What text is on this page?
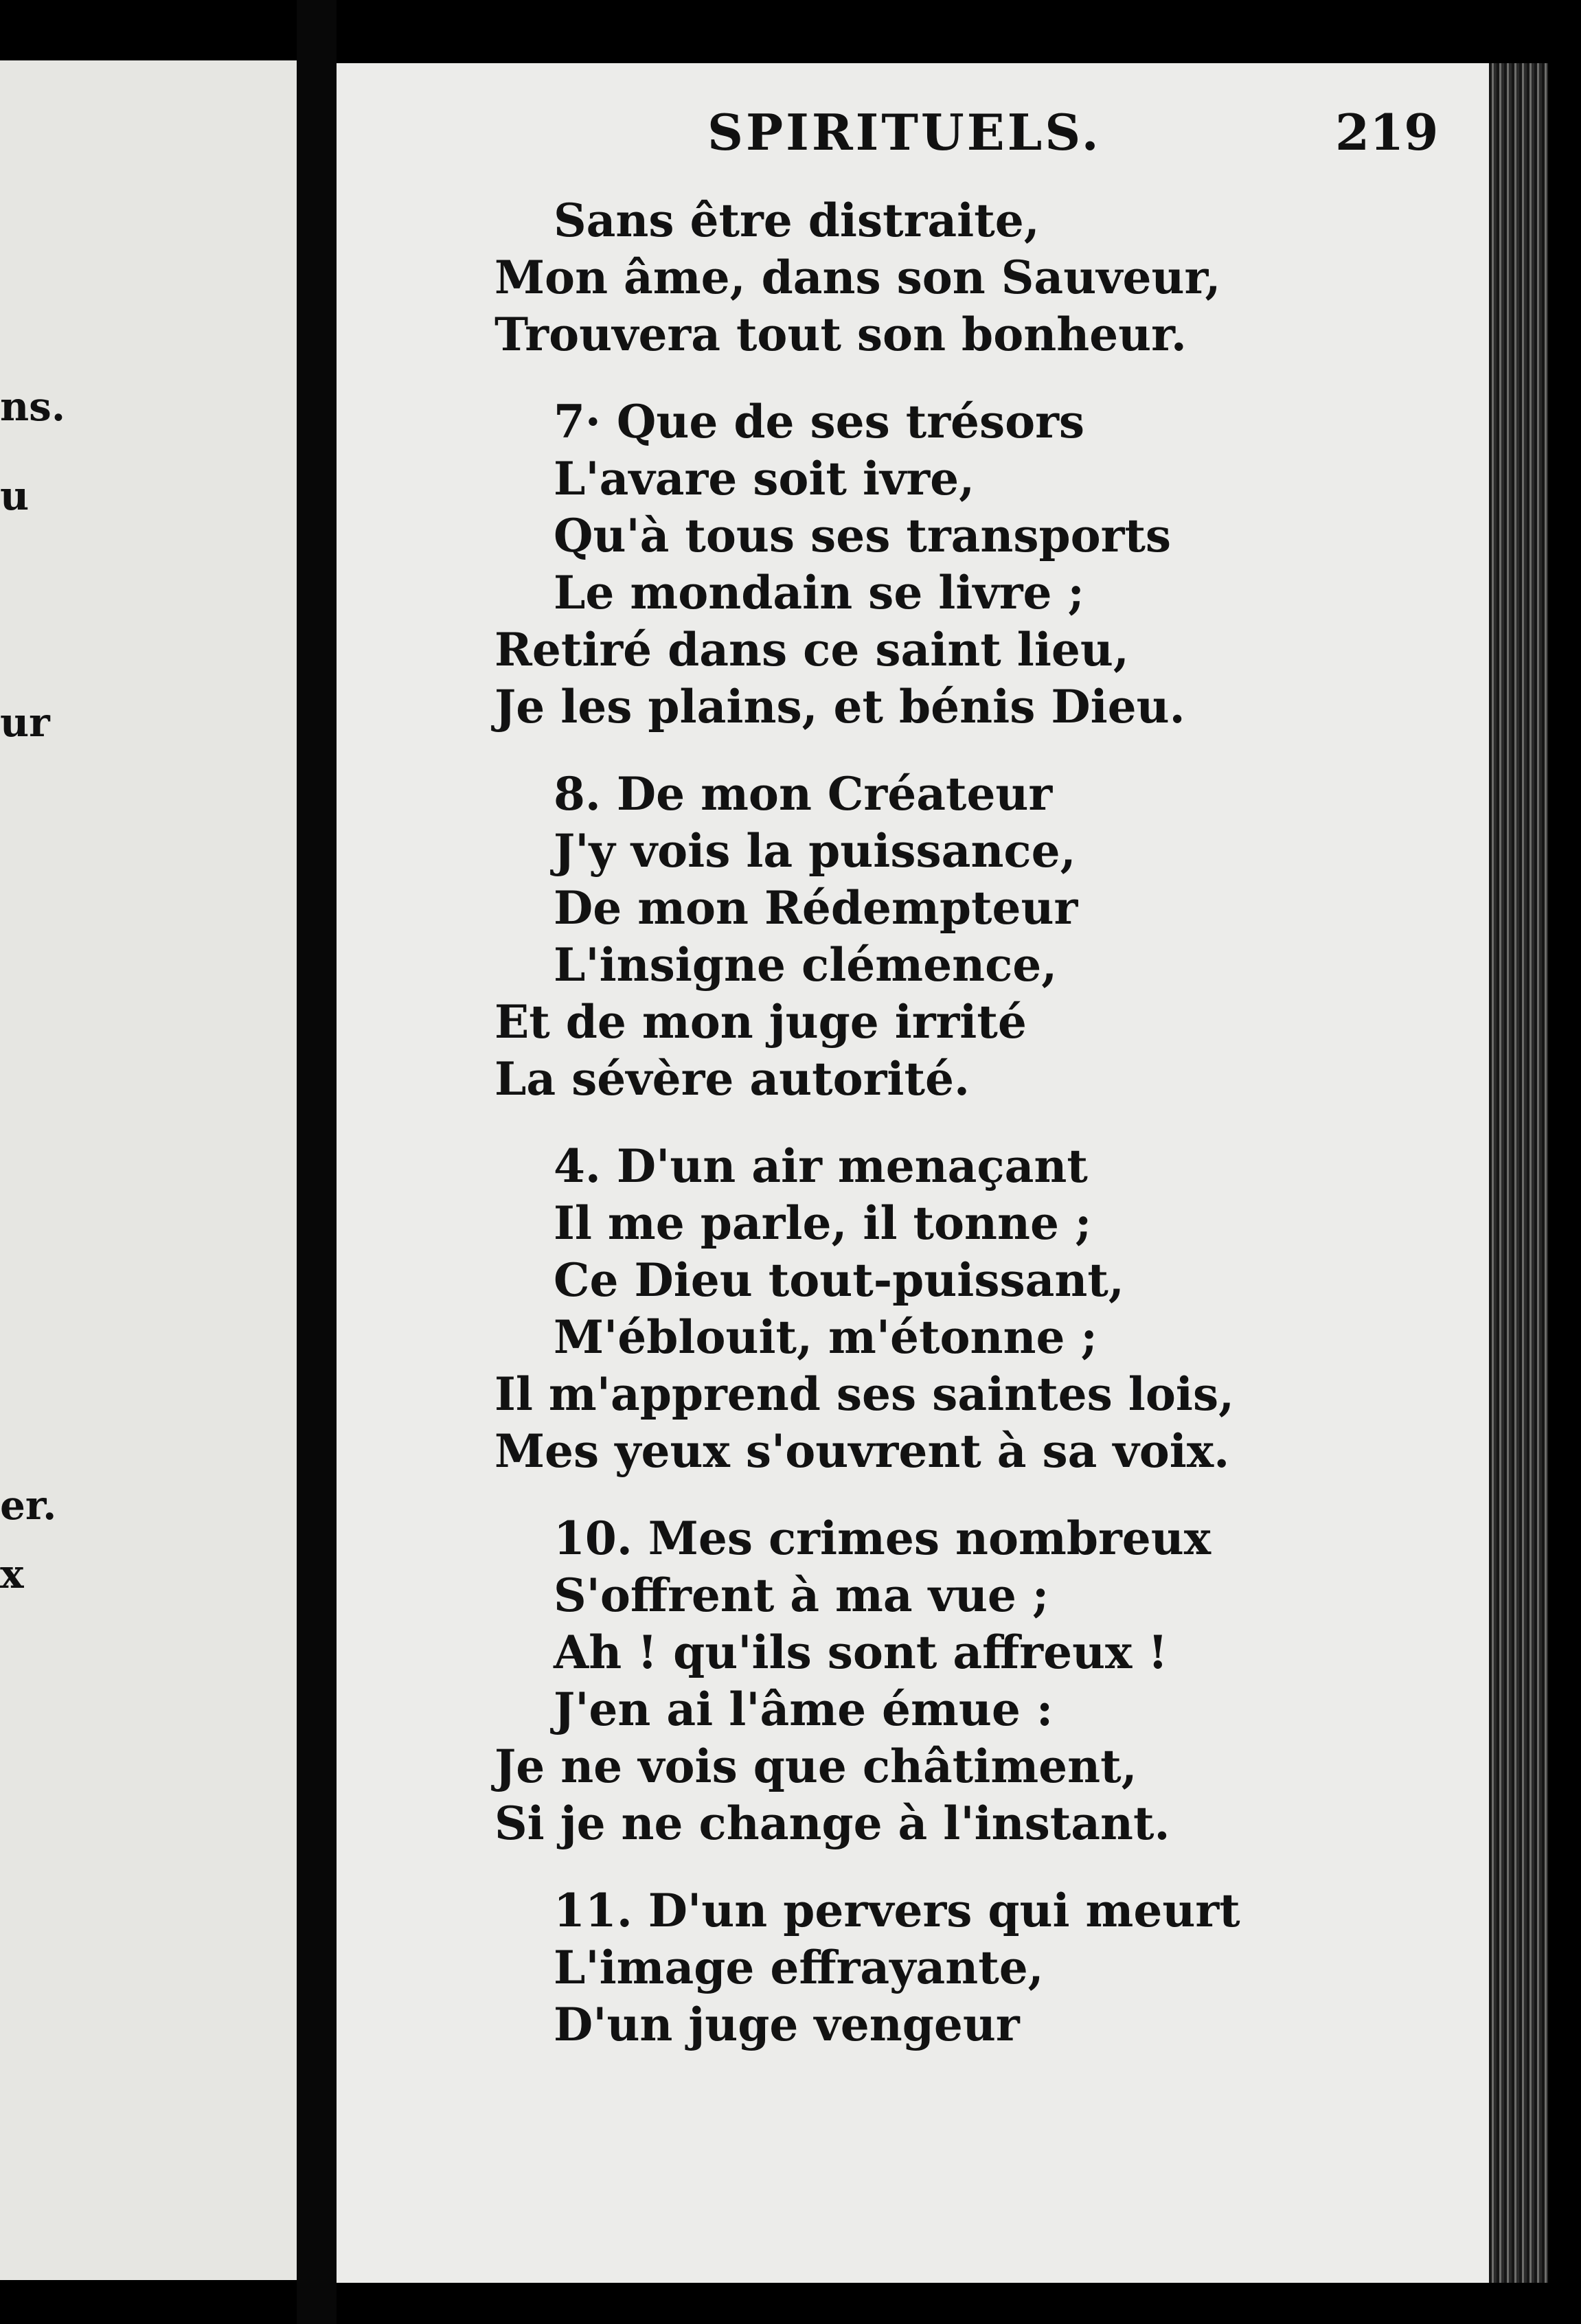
ns.
u
ur
er.
x
SPIRITUELS.	219
Sans être distraite,
Mon âme, dans son Sauveur,
Trouvera tout son bonheur.
7· Que de ses trésors
L'avare soit ivre,
Qu'à tous ses transports
Le mondain se livre ;
Retiré dans ce saint lieu,
Je les plains, et bénis Dieu.
8. De mon Créateur
J'y vois la puissance,
De mon Rédempteur
L'insigne clémence,
Et de mon juge irrité
La sévère autorité.
4. D'un air menaçant
Il me parle, il tonne ;
Ce Dieu tout-puissant,
M'éblouit, m'étonne ;
Il m'apprend ses saintes lois,
Mes yeux s'ouvrent à sa voix.
10. Mes crimes nombreux
S'offrent à ma vue ;
Ah ! qu'ils sont affreux !
J'en ai l'âme émue :
Je ne vois que châtiment,
Si je ne change à l'instant.
11. D'un pervers qui meurt
L'image effrayante,
D'un juge vengeur
